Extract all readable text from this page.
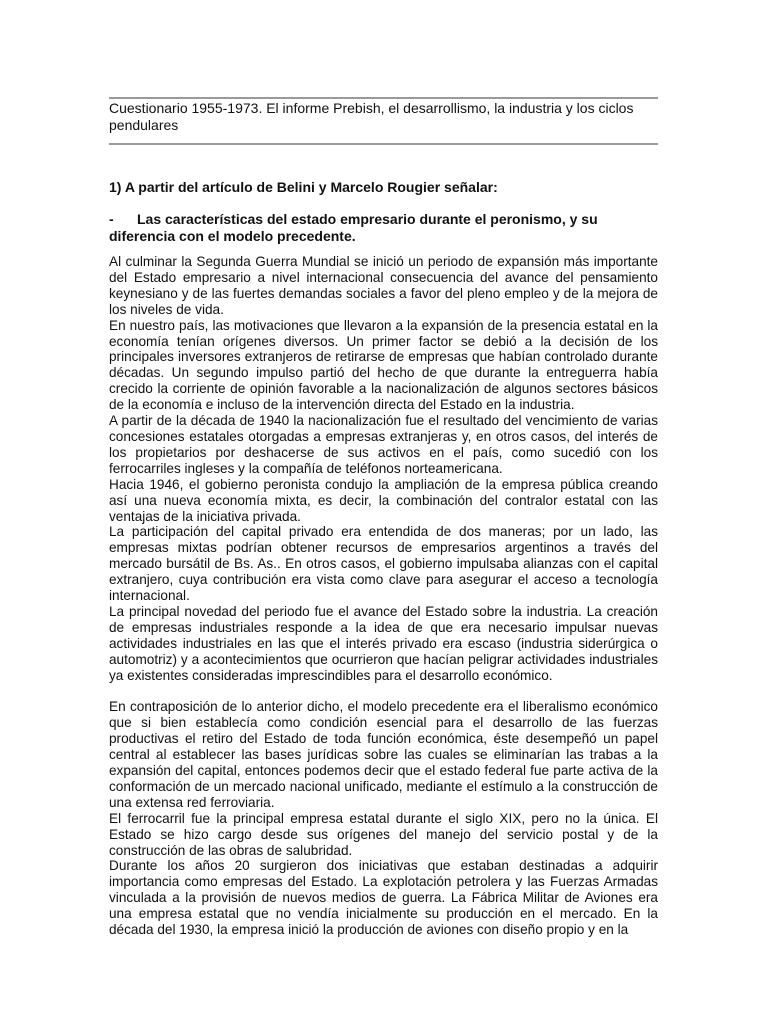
Cuestionario 1955-1973. El informe Prebish, el desarrollismo, la industria y los ciclos pendulares
1) A partir del artículo de Belini y Marcelo Rougier señalar:
- Las características del estado empresario durante el peronismo, y su diferencia con el modelo precedente.

Al culminar la Segunda Guerra Mundial se inició un periodo de expansión más importante del Estado empresario a nivel internacional consecuencia del avance del pensamiento keynesiano y de las fuertes demandas sociales a favor del pleno empleo y de la mejora de los niveles de vida.

En nuestro país, las motivaciones que llevaron a la expansión de la presencia estatal en la economía tenían orígenes diversos. Un primer factor se debió a la decisión de los principales inversores extranjeros de retirarse de empresas que habían controlado durante décadas. Un segundo impulso partió del hecho de que durante la entreguerra había crecido la corriente de opinión favorable a la nacionalización de algunos sectores básicos de la economía e incluso de la intervención directa del Estado en la industria.

A partir de la década de 1940 la nacionalización fue el resultado del vencimiento de varias concesiones estatales otorgadas a empresas extranjeras y, en otros casos, del interés de los propietarios por deshacerse de sus activos en el país, como sucedió con los ferrocarriles ingleses y la compañía de teléfonos norteamericana.

Hacia 1946, el gobierno peronista condujo la ampliación de la empresa pública creando así una nueva economía mixta, es decir, la combinación del contralor estatal con las ventajas de la iniciativa privada.

La participación del capital privado era entendida de dos maneras; por un lado, las empresas mixtas podrían obtener recursos de empresarios argentinos a través del mercado bursátil de Bs. As.. En otros casos, el gobierno impulsaba alianzas con el capital extranjero, cuya contribución era vista como clave para asegurar el acceso a tecnología internacional.

La principal novedad del periodo fue el avance del Estado sobre la industria. La creación de empresas industriales responde a la idea de que era necesario impulsar nuevas actividades industriales en las que el interés privado era escaso (industria siderúrgica o automotriz) y a acontecimientos que ocurrieron que hacían peligrar actividades industriales ya existentes consideradas imprescindibles para el desarrollo económico.

En contraposición de lo anterior dicho, el modelo precedente era el liberalismo económico que si bien establecía como condición esencial para el desarrollo de las fuerzas productivas el retiro del Estado de toda función económica, éste desempeñó un papel central al establecer las bases jurídicas sobre las cuales se eliminarían las trabas a la expansión del capital, entonces podemos decir que el estado federal fue parte activa de la conformación de un mercado nacional unificado, mediante el estímulo a la construcción de una extensa red ferroviaria.

El ferrocarril fue la principal empresa estatal durante el siglo XIX, pero no la única. El Estado se hizo cargo desde sus orígenes del manejo del servicio postal y de la construcción de las obras de salubridad.

Durante los años 20 surgieron dos iniciativas que estaban destinadas a adquirir importancia como empresas del Estado. La explotación petrolera y las Fuerzas Armadas vinculada a la provisión de nuevos medios de guerra. La Fábrica Militar de Aviones era una empresa estatal que no vendía inicialmente su producción en el mercado. En la década del 1930, la empresa inició la producción de aviones con diseño propio y en la
